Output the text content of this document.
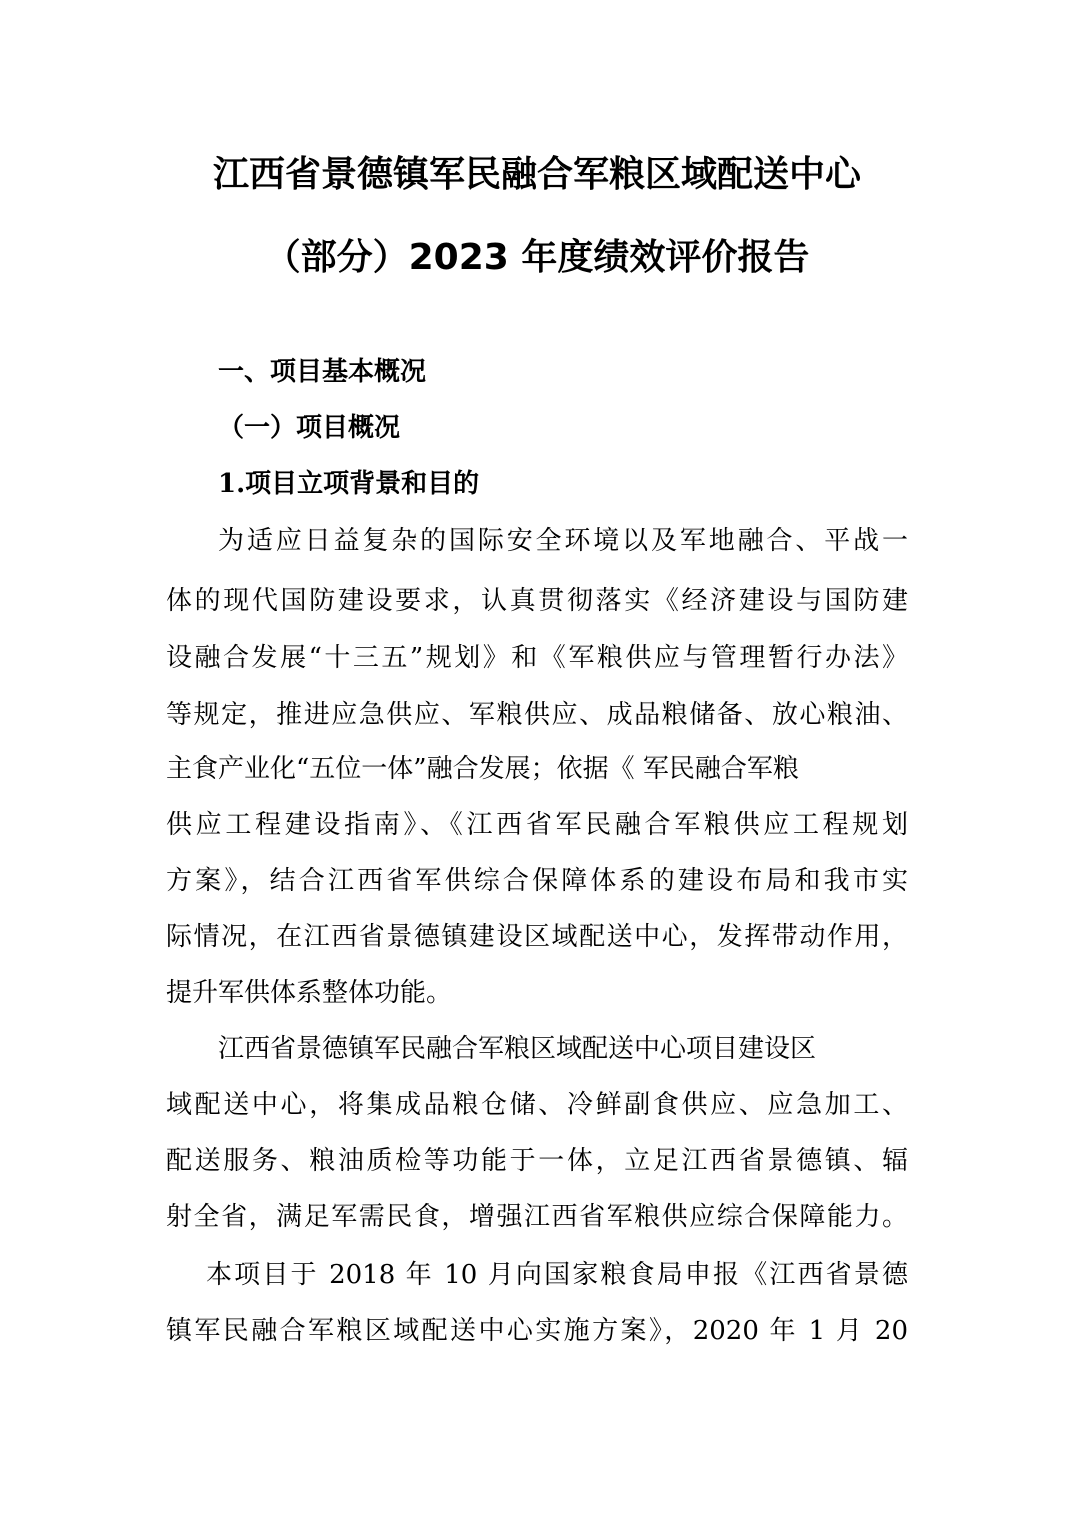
江西省景德镇军民融合军粮区域配送中心
（部分）2023 年度绩效评价报告
一、项目基本概况
（一）项目概况
1.项目立项背景和目的
为适应日益复杂的国际安全环境以及军地融合、平战一
体的现代国防建设要求，认真贯彻落实《经济建设与国防建
设融合发展“十三五”规划》和《军粮供应与管理暂行办法》
等规定，推进应急供应、军粮供应、成品粮储备、放心粮油、
主食产业化“五位一体”融合发展；依据《 军民融合军粮
供应工程建设指南》、《江西省军民融合军粮供应工程规划
方案》，结合江西省军供综合保障体系的建设布局和我市实
际情况，在江西省景德镇建设区域配送中心，发挥带动作用，
提升军供体系整体功能。
江西省景德镇军民融合军粮区域配送中心项目建设区
域配送中心，将集成品粮仓储、冷鲜副食供应、应急加工、
配送服务、粮油质检等功能于一体，立足江西省景德镇、辐
射全省，满足军需民食，增强江西省军粮供应综合保障能力。
本项目于 2018 年 10 月向国家粮食局申报《江西省景德
镇军民融合军粮区域配送中心实施方案》，2020 年 1 月 20
